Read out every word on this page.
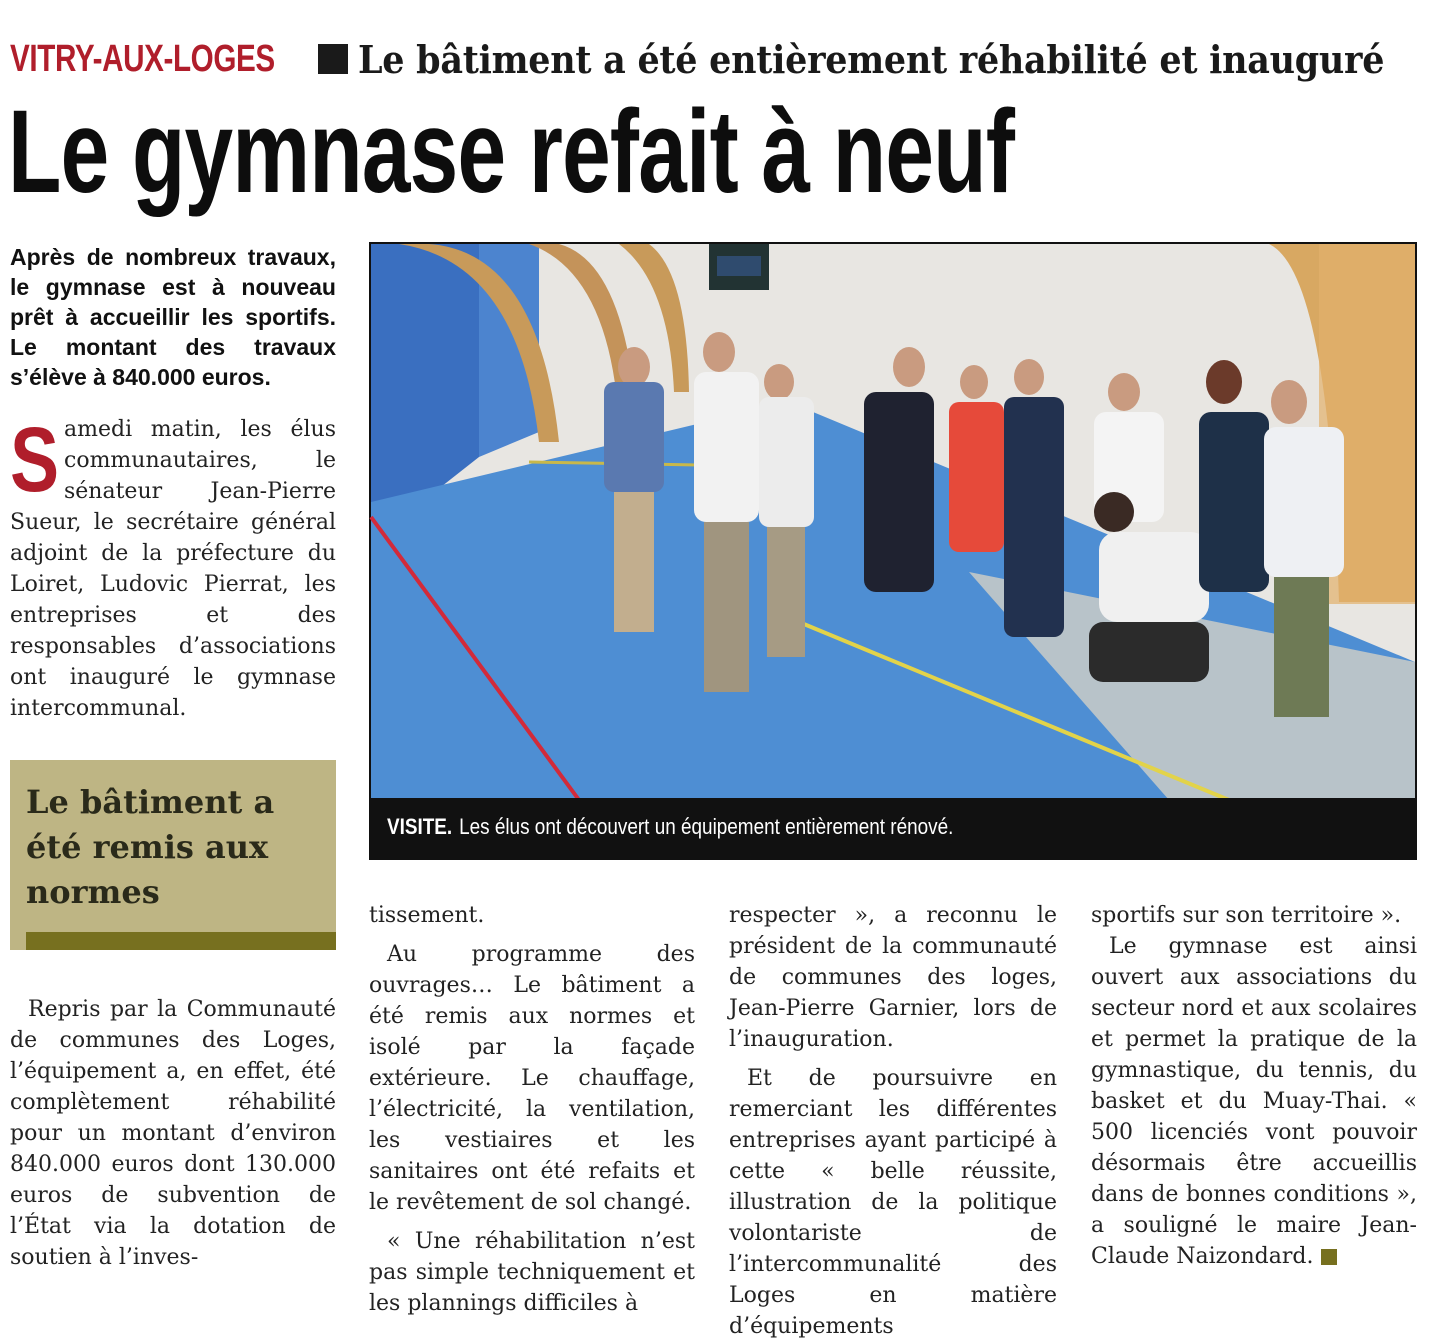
VITRY-AUX-LOGES Le bâtiment a été entièrement réhabilité et inauguré
Le gymnase refait à neuf

Après de nombreux travaux, le gymnase est à nouveau prêt à accueillir les sportifs. Le montant des travaux s’élève à 840.000 euros.

S amedi matin, les élus communautaires, le sénateur Jean-Pierre Sueur, le secrétaire général adjoint de la préfecture du Loiret, Ludovic Pierrat, les entreprises et des responsables d’associations ont inauguré le gymnase intercommunal.
Le bâtiment a été remis aux normes

Repris par la Communauté de communes des Loges, l’équipement a, en effet, été complètement réhabilité pour un montant d’environ 840.000 euros dont 130.000 euros de subvention de l’État via la dotation de soutien à l’inves-

VISITE. Les élus ont découvert un équipement entièrement rénové.

tissement.

Au programme des ouvrages… Le bâtiment a été remis aux normes et isolé par la façade extérieure. Le chauffage, l’électricité, la ventilation, les vestiaires et les sanitaires ont été refaits et le revêtement de sol changé.

« Une réhabilitation n’est pas simple techniquement et les plannings difficiles à

respecter », a reconnu le président de la communauté de communes des loges, Jean-Pierre Garnier, lors de l’inauguration.

Et de poursuivre en remerciant les différentes entreprises ayant participé à cette « belle réussite, illustration de la politique volontariste de l’intercommunalité des Loges en matière d’équipements

sportifs sur son territoire ».

Le gymnase est ainsi ouvert aux associations du secteur nord et aux scolaires et permet la pratique de la gymnastique, du tennis, du basket et du Muay-Thai. « 500 licenciés vont pouvoir désormais être accueillis dans de bonnes conditions », a souligné le maire Jean-Claude Naizondard.
